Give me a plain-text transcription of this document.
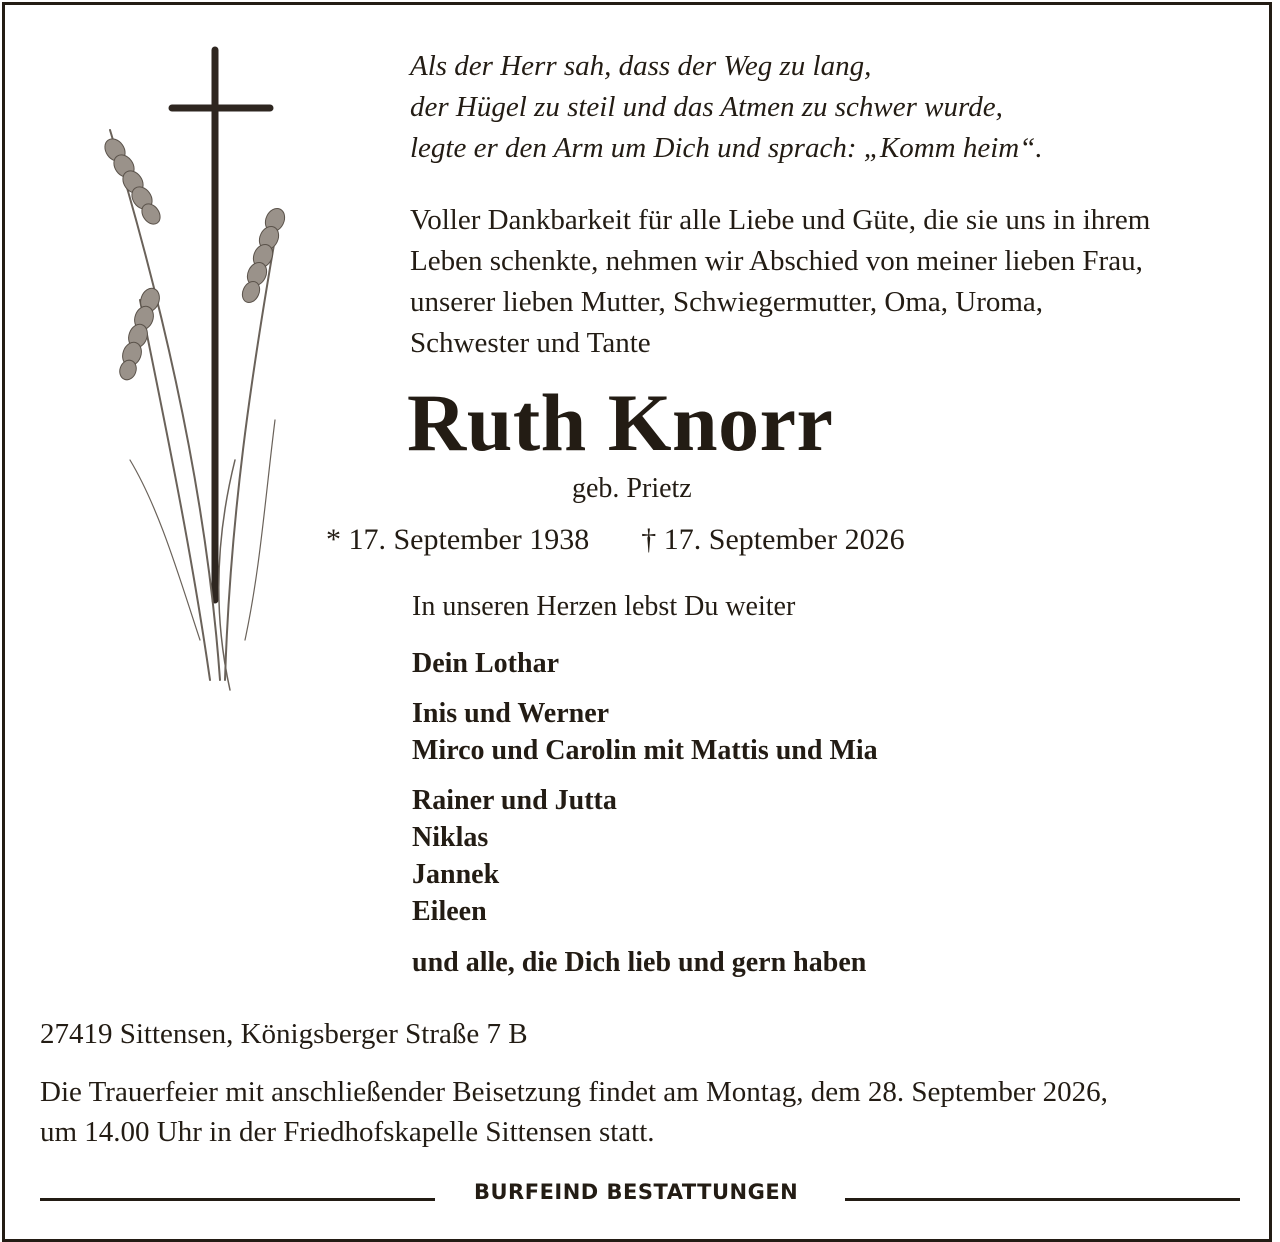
Als der Herr sah, dass der Weg zu lang,
der Hügel zu steil und das Atmen zu schwer wurde,
legte er den Arm um Dich und sprach: „Komm heim“.
Voller Dankbarkeit für alle Liebe und Güte, die sie uns in ihrem
Leben schenkte, nehmen wir Abschied von meiner lieben Frau,
unserer lieben Mutter, Schwiegermutter, Oma, Uroma,
Schwester und Tante
Ruth Knorr
geb. Prietz
* 17. September 1938 † 17. September 2026
In unseren Herzen lebst Du weiter
Dein Lothar
Inis und Werner
Mirco und Carolin mit Mattis und Mia
Rainer und Jutta
Niklas
Jannek
Eileen
und alle, die Dich lieb und gern haben
27419 Sittensen, Königsberger Straße 7 B
Die Trauerfeier mit anschließender Beisetzung findet am Montag, dem 28. September 2026,
um 14.00 Uhr in der Friedhofskapelle Sittensen statt.
BURFEIND BESTATTUNGEN
